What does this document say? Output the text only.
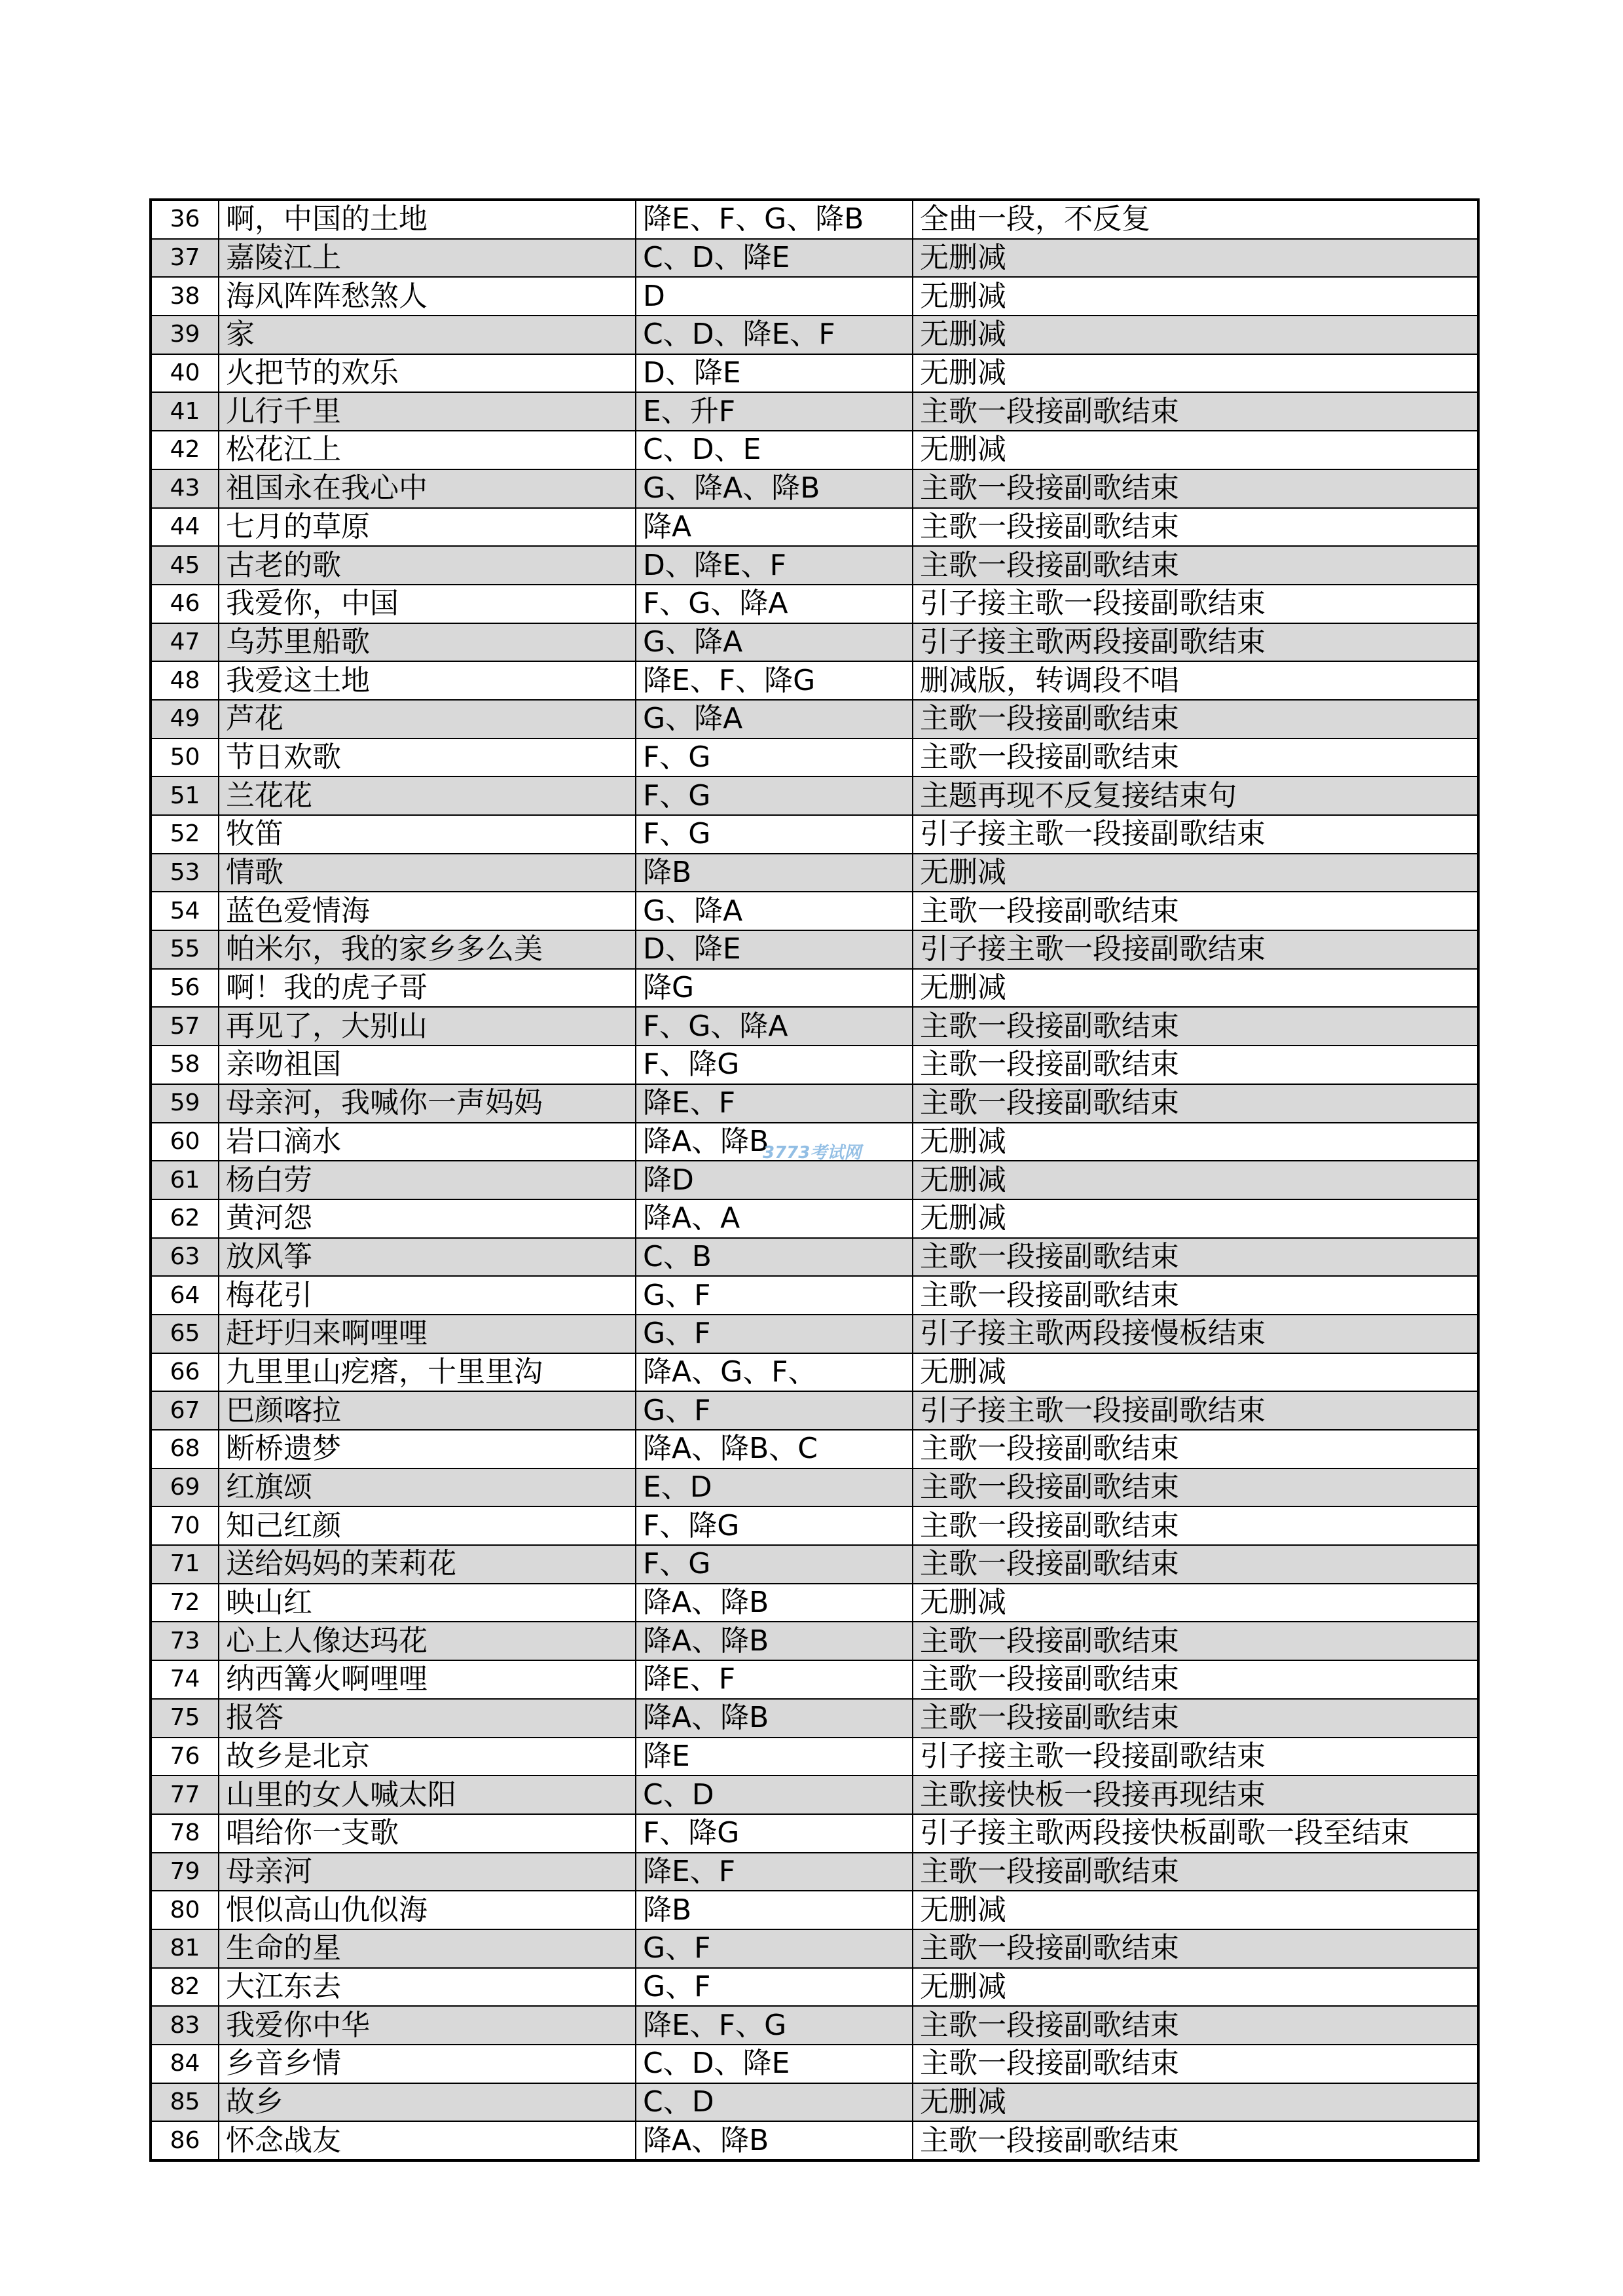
36	啊，中国的土地	降E、F、G、降B	全曲一段，不反复
37	嘉陵江上	C、D、降E	无删减
38	海风阵阵愁煞人	D	无删减
39	家	C、D、降E、F	无删减
40	火把节的欢乐	D、降E	无删减
41	儿行千里	E、升F	主歌一段接副歌结束
42	松花江上	C、D、E	无删减
43	祖国永在我心中	G、降A、降B	主歌一段接副歌结束
44	七月的草原	降A	主歌一段接副歌结束
45	古老的歌	D、降E、F	主歌一段接副歌结束
46	我爱你，中国	F、G、降A	引子接主歌一段接副歌结束
47	乌苏里船歌	G、降A	引子接主歌两段接副歌结束
48	我爱这土地	降E、F、降G	删减版，转调段不唱
49	芦花	G、降A	主歌一段接副歌结束
50	节日欢歌	F、G	主歌一段接副歌结束
51	兰花花	F、G	主题再现不反复接结束句
52	牧笛	F、G	引子接主歌一段接副歌结束
53	情歌	降B	无删减
54	蓝色爱情海	G、降A	主歌一段接副歌结束
55	帕米尔，我的家乡多么美	D、降E	引子接主歌一段接副歌结束
56	啊！我的虎子哥	降G	无删减
57	再见了，大别山	F、G、降A	主歌一段接副歌结束
58	亲吻祖国	F、降G	主歌一段接副歌结束
59	母亲河，我喊你一声妈妈	降E、F	主歌一段接副歌结束
60	岩口滴水	降A、降B	无删减
61	杨白劳	降D	无删减
62	黄河怨	降A、A	无删减
63	放风筝	C、B	主歌一段接副歌结束
64	梅花引	G、F	主歌一段接副歌结束
65	赶圩归来啊哩哩	G、F	引子接主歌两段接慢板结束
66	九里里山疙瘩，十里里沟	降A、G、F、	无删减
67	巴颜喀拉	G、F	引子接主歌一段接副歌结束
68	断桥遗梦	降A、降B、C	主歌一段接副歌结束
69	红旗颂	E、D	主歌一段接副歌结束
70	知己红颜	F、降G	主歌一段接副歌结束
71	送给妈妈的茉莉花	F、G	主歌一段接副歌结束
72	映山红	降A、降B	无删减
73	心上人像达玛花	降A、降B	主歌一段接副歌结束
74	纳西篝火啊哩哩	降E、F	主歌一段接副歌结束
75	报答	降A、降B	主歌一段接副歌结束
76	故乡是北京	降E	引子接主歌一段接副歌结束
77	山里的女人喊太阳	C、D	主歌接快板一段接再现结束
78	唱给你一支歌	F、降G	引子接主歌两段接快板副歌一段至结束
79	母亲河	降E、F	主歌一段接副歌结束
80	恨似高山仇似海	降B	无删减
81	生命的星	G、F	主歌一段接副歌结束
82	大江东去	G、F	无删减
83	我爱你中华	降E、F、G	主歌一段接副歌结束
84	乡音乡情	C、D、降E	主歌一段接副歌结束
85	故乡	C、D	无删减
86	怀念战友	降A、降B	主歌一段接副歌结束
3773考试网
